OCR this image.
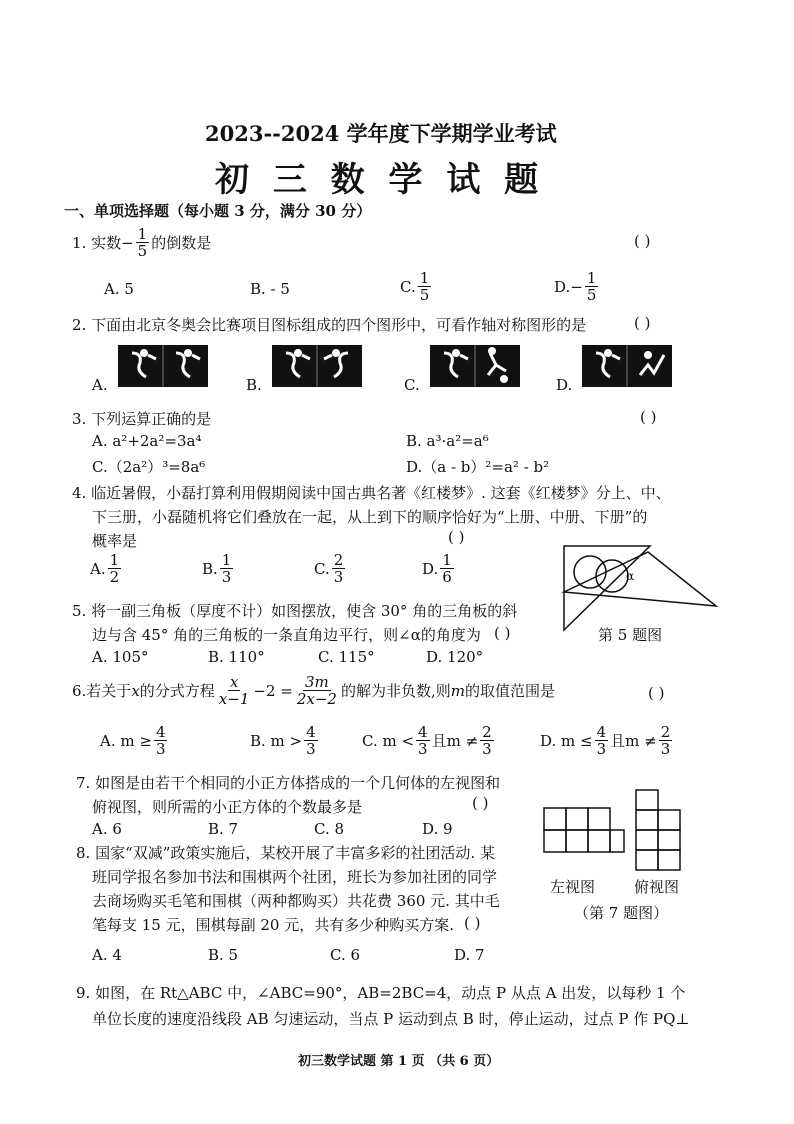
2023--2024 学年度下学期学业考试
初 三 数 学 试 题
一、单项选择题（每小题 3 分，满分 30 分）
1. 实数 − $\frac{1}{5}$ 的倒数是	( )
A. 5	B. - 5	C. $\frac{1}{5}$	D. − $\frac{1}{5}$
2. 下面由北京冬奥会比赛项目图标组成的四个图形中，可看作轴对称图形的是	( )
A.	B.	C.	D.
3. 下列运算正确的是	( )
A. a²+2a²=3a⁴	B. a³·a²=a⁶
C.（2a²）³=8a⁶	D.（a - b）²=a² - b²
4. 临近暑假，小磊打算利用假期阅读中国古典名著《红楼梦》. 这套《红楼梦》分上、中、
下三册，小磊随机将它们叠放在一起，从上到下的顺序恰好为“上册、中册、下册”的
概率是	( )
A. $\frac{1}{2}$	B. $\frac{1}{3}$	C. $\frac{2}{3}$	D. $\frac{1}{6}$	α
第 5 题图
5. 将一副三角板（厚度不计）如图摆放，使含 30° 角的三角板的斜
边与含 45° 角的三角板的一条直角边平行，则∠α的角度为 ( )
A. 105°	B. 110°	C. 115°	D. 120°
6.若关于 x 的分式方程 $\frac{x}{x-1} -2 = \frac{3m}{2x-2}$ 的解为非负数,则 m 的取值范围是	( )
A. $m \ge \frac{4}{3}$	B. $m > \frac{4}{3}$	C. $m < \frac{4}{3}$ 且$m \ne \frac{2}{3}$	D. $m \le \frac{4}{3}$ 且$m \ne \frac{2}{3}$
7. 如图是由若干个相同的小正方体搭成的一个几何体的左视图和
俯视图，则所需的小正方体的个数最多是	( )
A. 6	B. 7	C. 8	D. 9
左视图	俯视图
（第 7 题图）
8. 国家“双减”政策实施后，某校开展了丰富多彩的社团活动. 某
班同学报名参加书法和围棋两个社团，班长为参加社团的同学
去商场购买毛笔和围棋（两种都购买）共花费 360 元. 其中毛
笔每支 15 元，围棋每副 20 元，共有多少种购买方案. ( )
A. 4	B. 5	C. 6	D. 7
9. 如图，在 Rt△ABC 中，∠ABC=90°，AB=2BC=4，动点 P 从点 A 出发，以每秒 1 个
单位长度的速度沿线段 AB 匀速运动，当点 P 运动到点 B 时，停止运动，过点 P 作 PQ⊥
初三数学试题 第 1 页 （共 6 页）
